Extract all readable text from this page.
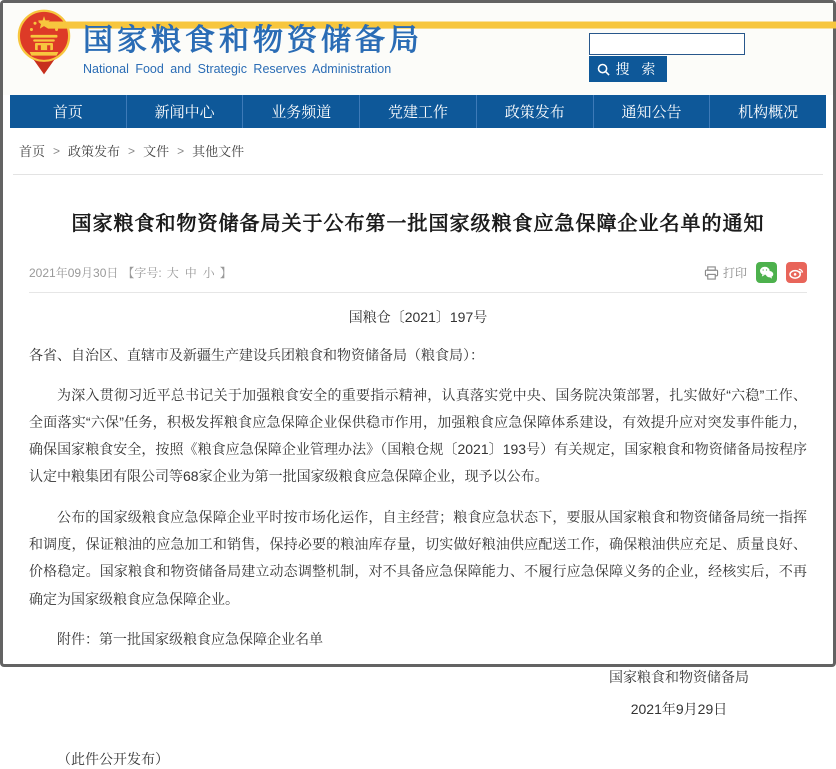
国家粮食和物资储备局
National Food and Strategic Reserves Administration	搜 索
首页	新闻中心	业务频道	党建工作	政策发布	通知公告	机构概况
首页 > 政策发布 > 文件 > 其他文件
国家粮食和物资储备局关于公布第一批国家级粮食应急保障企业名单的通知
2021年09月30日 【字号: 大 中 小 】	打印
国粮仓〔2021〕197号
各省、自治区、直辖市及新疆生产建设兵团粮食和物资储备局（粮食局）：
为深入贯彻习近平总书记关于加强粮食安全的重要指示精神，认真落实党中央、国务院决策部署，扎实做好“六稳”工作、全面落实“六保”任务，积极发挥粮食应急保障企业保供稳市作用，加强粮食应急保障体系建设，有效提升应对突发事件能力，确保国家粮食安全，按照《粮食应急保障企业管理办法》（国粮仓规〔2021〕193号）有关规定，国家粮食和物资储备局按程序认定中粮集团有限公司等68家企业为第一批国家级粮食应急保障企业，现予以公布。
公布的国家级粮食应急保障企业平时按市场化运作，自主经营；粮食应急状态下，要服从国家粮食和物资储备局统一指挥和调度，保证粮油的应急加工和销售，保持必要的粮油库存量，切实做好粮油供应配送工作，确保粮油供应充足、质量良好、价格稳定。国家粮食和物资储备局建立动态调整机制，对不具备应急保障能力、不履行应急保障义务的企业，经核实后，不再确定为国家级粮食应急保障企业。
附件：第一批国家级粮食应急保障企业名单
国家粮食和物资储备局
2021年9月29日
（此件公开发布）
